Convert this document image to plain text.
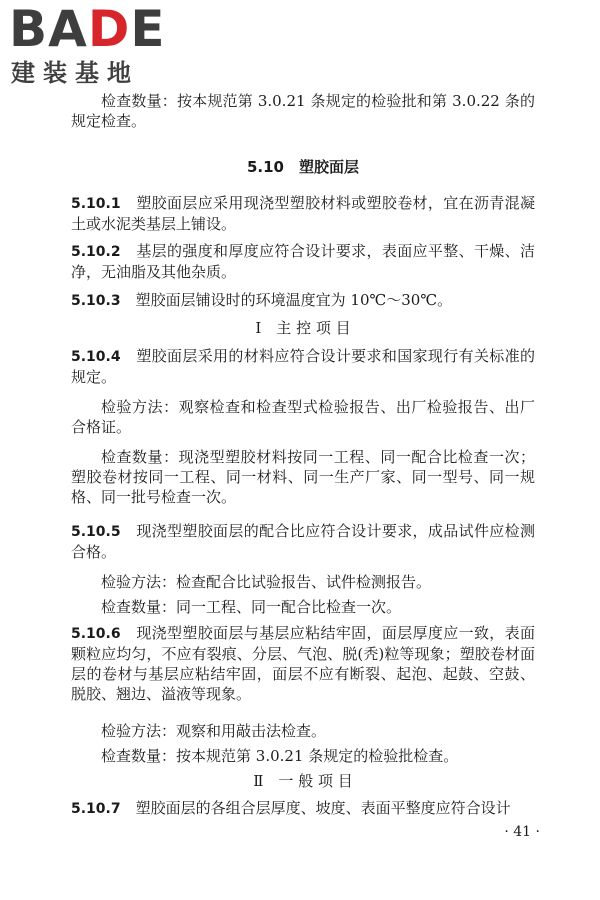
BADE
建装基地
检查数量：按本规范第 3.0.21 条规定的检验批和第 3.0.22 条的规定检查。
5.10　塑胶面层
5.10.1　 塑胶面层应采用现浇型塑胶材料或塑胶卷材，宜在沥青混凝土或水泥类基层上铺设。
5.10.2　 基层的强度和厚度应符合设计要求，表面应平整、干燥、洁净，无油脂及其他杂质。
5.10.3　 塑胶面层铺设时的环境温度宜为 10℃～30℃。
Ⅰ　主 控 项 目
5.10.4　 塑胶面层采用的材料应符合设计要求和国家现行有关标准的规定。
检验方法：观察检查和检查型式检验报告、出厂检验报告、出厂合格证。
检查数量：现浇型塑胶材料按同一工程、同一配合比检查一次；塑胶卷材按同一工程、同一材料、同一生产厂家、同一型号、同一规格、同一批号检查一次。
5.10.5　 现浇型塑胶面层的配合比应符合设计要求，成品试件应检测合格。
检验方法：检查配合比试验报告、试件检测报告。
检查数量：同一工程、同一配合比检查一次。
5.10.6　 现浇型塑胶面层与基层应粘结牢固，面层厚度应一致，表面颗粒应均匀，不应有裂痕、分层、气泡、脱(秃)粒等现象；塑胶卷材面层的卷材与基层应粘结牢固，面层不应有断裂、起泡、起鼓、空鼓、脱胶、翘边、溢液等现象。
检验方法：观察和用敲击法检查。
检查数量：按本规范第 3.0.21 条规定的检验批检查。
Ⅱ　一 般 项 目
5.10.7　 塑胶面层的各组合层厚度、坡度、表面平整度应符合设计
· 41 ·
